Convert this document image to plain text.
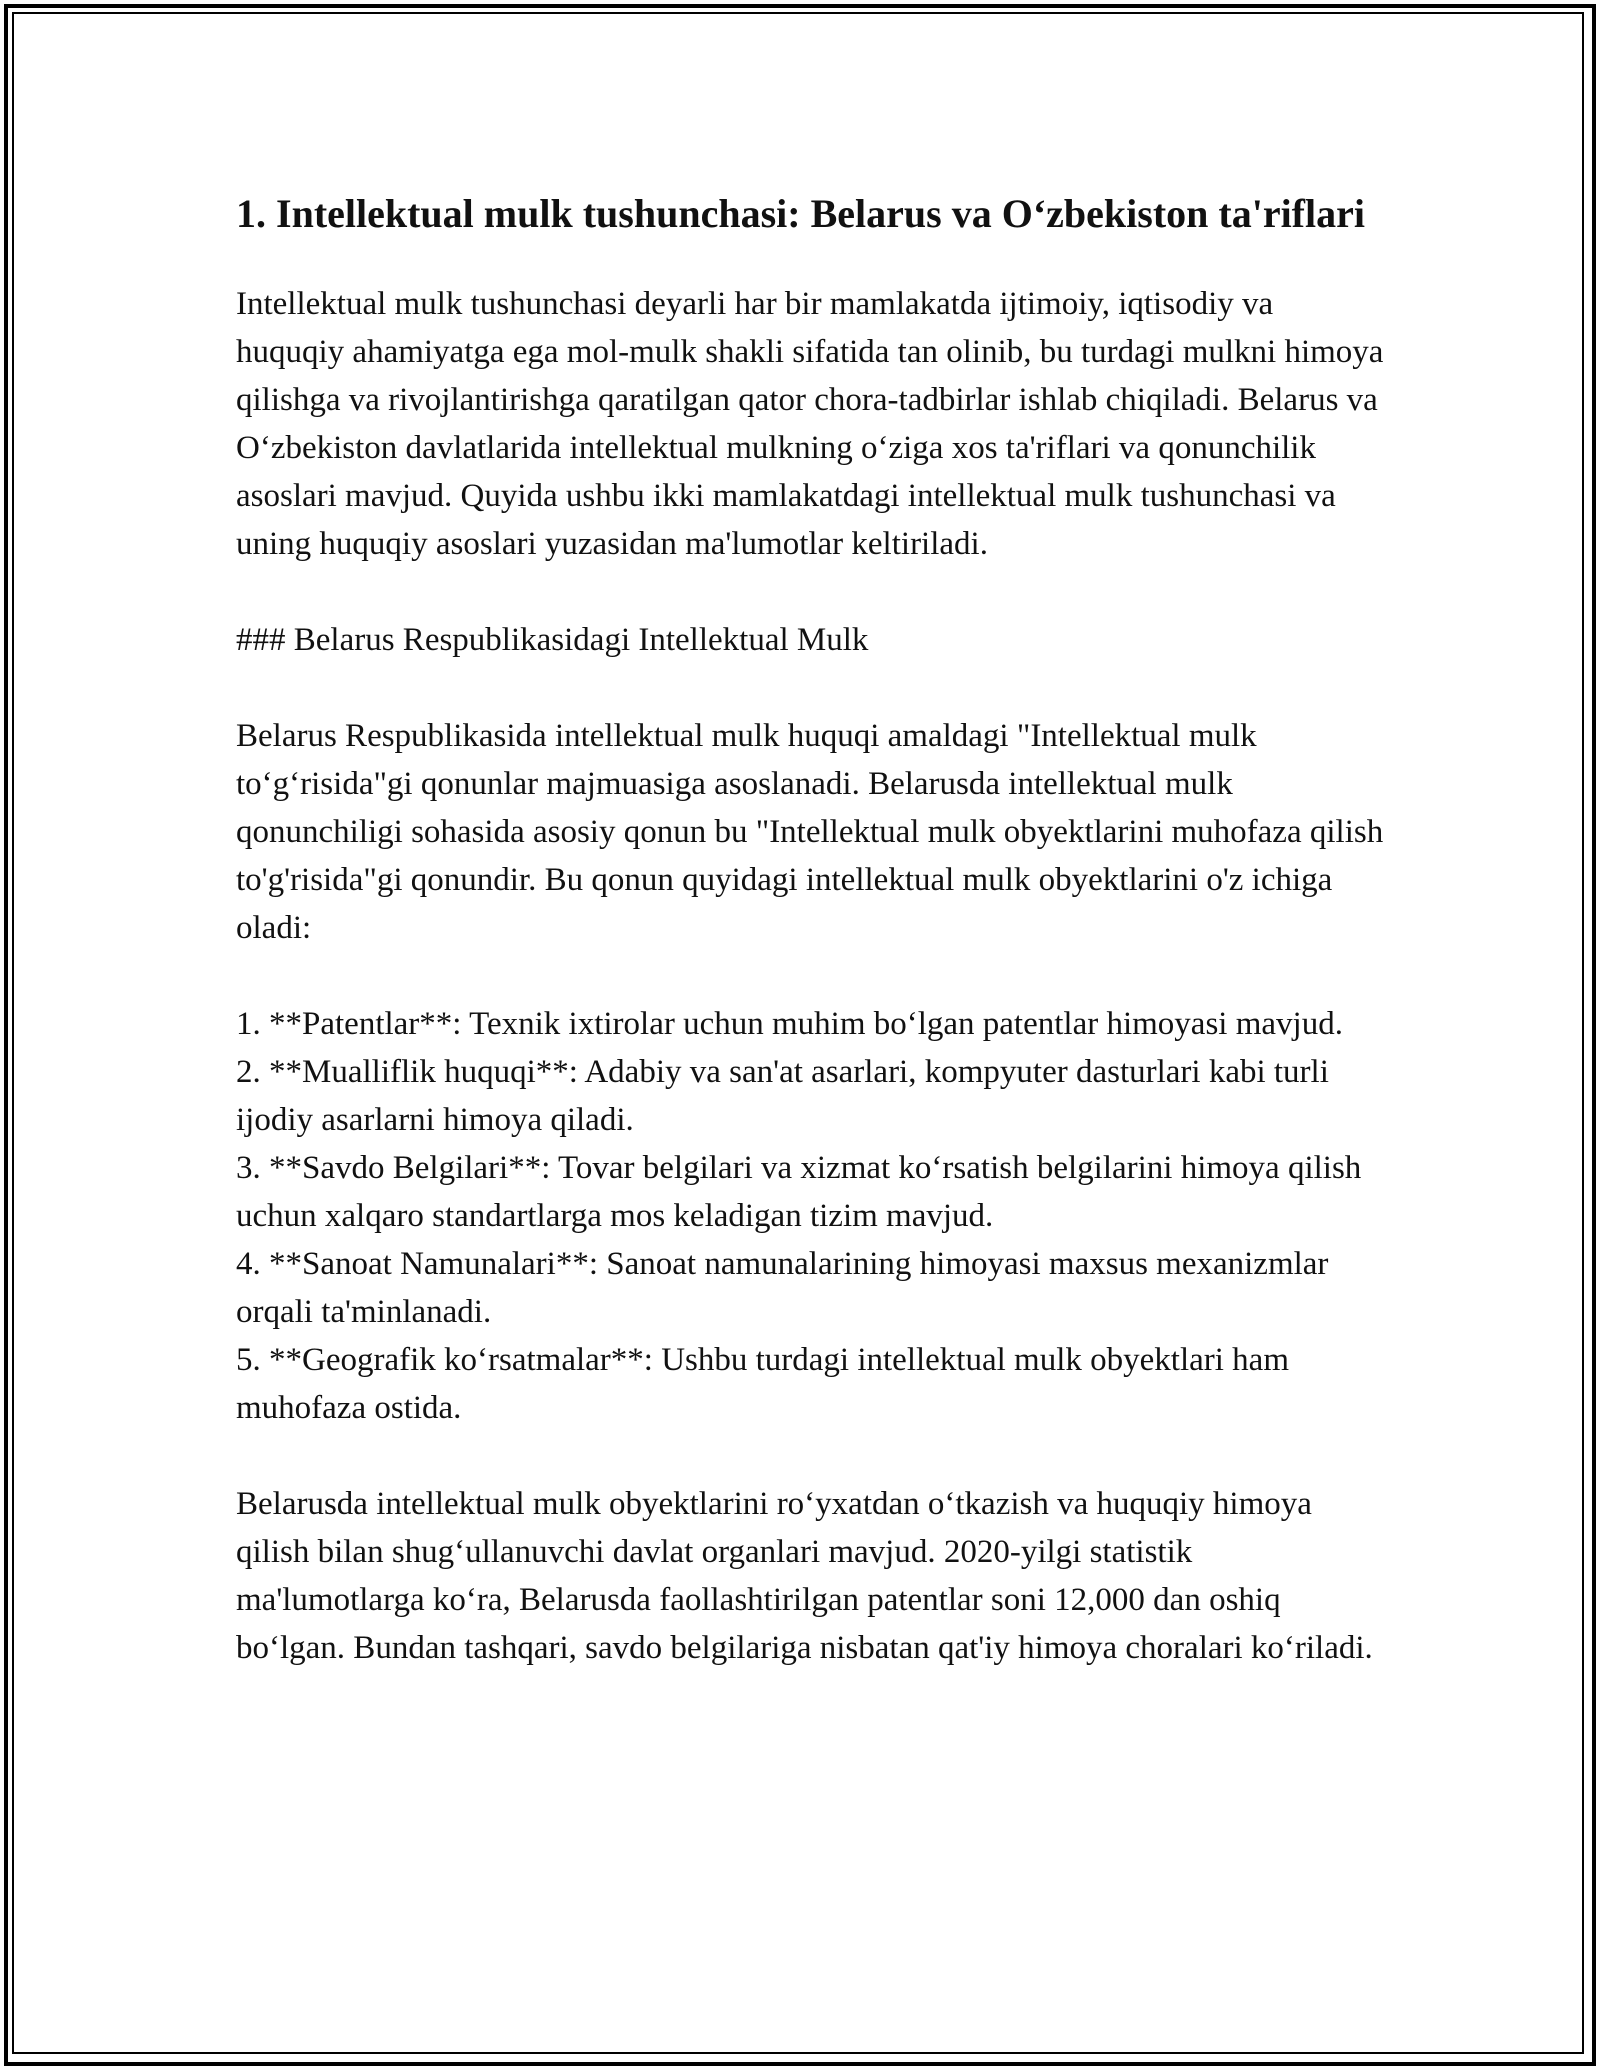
1. Intellektual mulk tushunchasi: Belarus va O‘zbekiston ta'riflari

Intellektual mulk tushunchasi deyarli har bir mamlakatda ijtimoiy, iqtisodiy va huquqiy ahamiyatga ega mol-mulk shakli sifatida tan olinib, bu turdagi mulkni himoya qilishga va rivojlantirishga qaratilgan qator chora-tadbirlar ishlab chiqiladi. Belarus va O‘zbekiston davlatlarida intellektual mulkning o‘ziga xos ta'riflari va qonunchilik asoslari mavjud. Quyida ushbu ikki mamlakatdagi intellektual mulk tushunchasi va uning huquqiy asoslari yuzasidan ma'lumotlar keltiriladi.

### Belarus Respublikasidagi Intellektual Mulk

Belarus Respublikasida intellektual mulk huquqi amaldagi "Intellektual mulk to‘g‘risida"gi qonunlar majmuasiga asoslanadi. Belarusda intellektual mulk qonunchiligi sohasida asosiy qonun bu "Intellektual mulk obyektlarini muhofaza qilish to'g'risida"gi qonundir. Bu qonun quyidagi intellektual mulk obyektlarini o'z ichiga oladi:

1. **Patentlar**: Texnik ixtirolar uchun muhim bo‘lgan patentlar himoyasi mavjud.
2. **Mualliflik huquqi**: Adabiy va san'at asarlari, kompyuter dasturlari kabi turli ijodiy asarlarni himoya qiladi.
3. **Savdo Belgilari**: Tovar belgilari va xizmat ko‘rsatish belgilarini himoya qilish uchun xalqaro standartlarga mos keladigan tizim mavjud.
4. **Sanoat Namunalari**: Sanoat namunalarining himoyasi maxsus mexanizmlar orqali ta'minlanadi.
5. **Geografik ko‘rsatmalar**: Ushbu turdagi intellektual mulk obyektlari ham muhofaza ostida.

Belarusda intellektual mulk obyektlarini ro‘yxatdan o‘tkazish va huquqiy himoya qilish bilan shug‘ullanuvchi davlat organlari mavjud. 2020-yilgi statistik ma'lumotlarga ko‘ra, Belarusda faollashtirilgan patentlar soni 12,000 dan oshiq bo‘lgan. Bundan tashqari, savdo belgilariga nisbatan qat'iy himoya choralari ko‘riladi.
